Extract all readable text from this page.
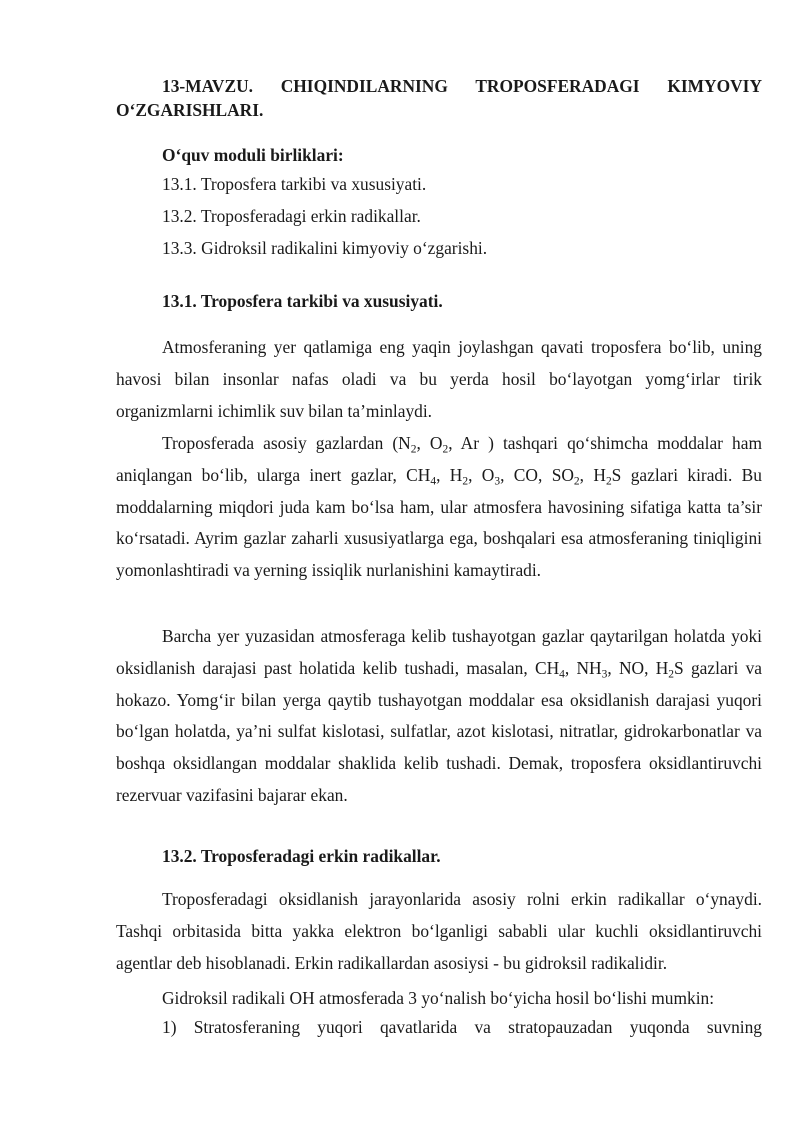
13-MAVZU. CHIQINDILARNING TROPOSFERADAGI KIMYOVIY O‘ZGARISHLARI.

O‘quv moduli birliklari:

13.1. Troposfera tarkibi va xususiyati.

13.2. Troposferadagi erkin radikallar.

13.3. Gidroksil radikalini kimyoviy o‘zgarishi.

13.1. Troposfera tarkibi va xususiyati.

Atmosferaning yer qatlamiga eng yaqin joylashgan qavati troposfera bo‘lib, uning havosi bilan insonlar nafas oladi va bu yerda hosil bo‘layotgan yomg‘irlar tirik organizmlarni ichimlik suv bilan ta’minlaydi.

Troposferada asosiy gazlardan ($N_2$, $O_2$, Ar ) tashqari qo‘shimcha moddalar ham aniqlangan bo‘lib, ularga inert gazlar, $CH_4$, $H_2$, $O_3$, CO, $SO_2$, $H_2S$ gazlari kiradi. Bu moddalarning miqdori juda kam bo‘lsa ham, ular atmosfera havosining sifatiga katta ta’sir ko‘rsatadi. Ayrim gazlar zaharli xususiyatlarga ega, boshqalari esa atmosferaning tiniqligini yomonlashtiradi va yerning issiqlik nurlanishini kamaytiradi.

Barcha yer yuzasidan atmosferaga kelib tushayotgan gazlar qaytarilgan holatda yoki oksidlanish darajasi past holatida kelib tushadi, masalan, $CH_4$, $NH_3$, NO, $H_2S$ gazlari va hokazo. Yomg‘ir bilan yerga qaytib tushayotgan moddalar esa oksidlanish darajasi yuqori bo‘lgan holatda, ya’ni sulfat kislotasi, sulfatlar, azot kislotasi, nitratlar, gidrokarbonatlar va boshqa oksidlangan moddalar shaklida kelib tushadi. Demak, troposfera oksidlantiruvchi rezervuar vazifasini bajarar ekan.

13.2. Troposferadagi erkin radikallar.

Troposferadagi oksidlanish jarayonlarida asosiy rolni erkin radikallar o‘ynaydi. Tashqi orbitasida bitta yakka elektron bo‘lganligi sababli ular kuchli oksidlantiruvchi agentlar deb hisoblanadi. Erkin radikallardan asosiysi - bu gidroksil radikalidir.

Gidroksil radikali OH atmosferada 3 yo‘nalish bo‘yicha hosil bo‘lishi mumkin:

1) Stratosferaning yuqori qavatlarida va stratopauzadan yuqonda suvning
